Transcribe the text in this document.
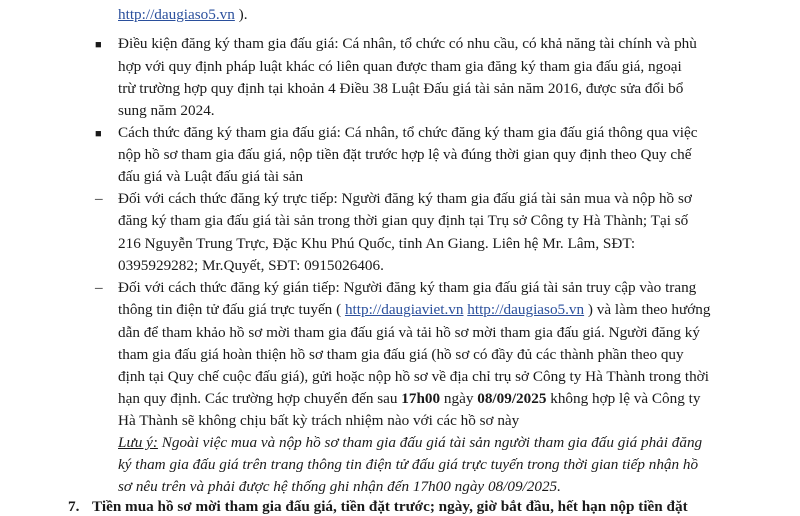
http://daugiaso5.vn ).
■ Điều kiện đăng ký tham gia đấu giá: Cá nhân, tổ chức có nhu cầu, có khả năng tài chính và phù
hợp với quy định pháp luật khác có liên quan được tham gia đăng ký tham gia đấu giá, ngoại
trừ trường hợp quy định tại khoản 4 Điều 38 Luật Đấu giá tài sản năm 2016, được sửa đổi bổ
sung năm 2024.
■ Cách thức đăng ký tham gia đấu giá: Cá nhân, tổ chức đăng ký tham gia đấu giá thông qua việc
nộp hồ sơ tham gia đấu giá, nộp tiền đặt trước hợp lệ và đúng thời gian quy định theo Quy chế
đấu giá và Luật đấu giá tài sản
– Đối với cách thức đăng ký trực tiếp: Người đăng ký tham gia đấu giá tài sản mua và nộp hồ sơ
đăng ký tham gia đấu giá tài sản trong thời gian quy định tại Trụ sở Công ty Hà Thành; Tại số
216 Nguyễn Trung Trực, Đặc Khu Phú Quốc, tỉnh An Giang. Liên hệ Mr. Lâm, SĐT:
0395929282; Mr.Quyết, SĐT: 0915026406.
– Đối với cách thức đăng ký gián tiếp: Người đăng ký tham gia đấu giá tài sản truy cập vào trang
thông tin điện tử đấu giá trực tuyến ( http://daugiaviet.vn http://daugiaso5.vn ) và làm theo hướng
dẫn để tham khảo hồ sơ mời tham gia đấu giá và tải hồ sơ mời tham gia đấu giá. Người đăng ký
tham gia đấu giá hoàn thiện hồ sơ tham gia đấu giá (hồ sơ có đầy đủ các thành phần theo quy
định tại Quy chế cuộc đấu giá), gửi hoặc nộp hồ sơ về địa chỉ trụ sở Công ty Hà Thành trong thời
hạn quy định. Các trường hợp chuyển đến sau 17h00 ngày 08/09/2025 không hợp lệ và Công ty
Hà Thành sẽ không chịu bất kỳ trách nhiệm nào với các hồ sơ này
Lưu ý: Ngoài việc mua và nộp hồ sơ tham gia đấu giá tài sản người tham gia đấu giá phải đăng
ký tham gia đấu giá trên trang thông tin điện tử đấu giá trực tuyến trong thời gian tiếp nhận hồ
sơ nêu trên và phải được hệ thống ghi nhận đến 17h00 ngày 08/09/2025.
7. Tiền mua hồ sơ mời tham gia đấu giá, tiền đặt trước; ngày, giờ bắt đầu, hết hạn nộp tiền đặt
